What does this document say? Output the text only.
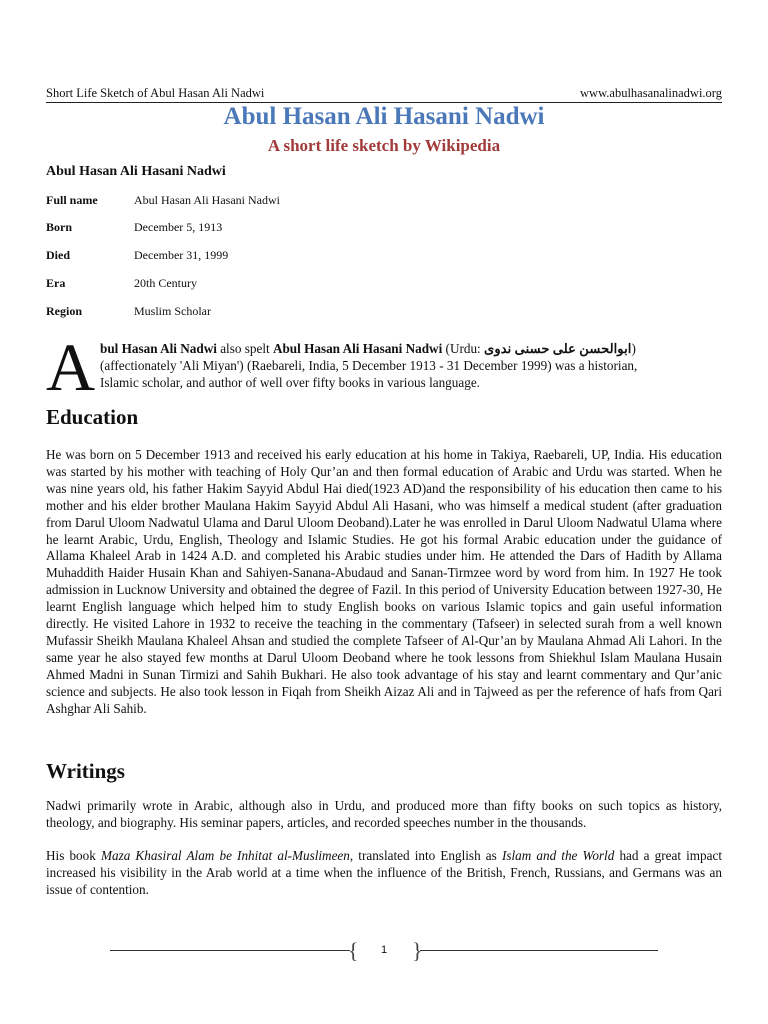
Short Life Sketch of Abul Hasan Ali Nadwi	www.abulhasanalinadwi.org
Abul Hasan Ali Hasani Nadwi
A short life sketch by Wikipedia
Abul Hasan Ali Hasani Nadwi
Full name	Abul Hasan Ali Hasani Nadwi
Born	December 5, 1913
Died	December 31, 1999
Era	20th Century
Region	Muslim Scholar
A bul Hasan Ali Nadwi also spelt Abul Hasan Ali Hasani Nadwi (Urdu: ابوالحسن علی حسنی ندوی)
(affectionately 'Ali Miyan') (Raebareli, India, 5 December 1913 - 31 December 1999) was a historian,
Islamic scholar, and author of well over fifty books in various language.
Education

He was born on 5 December 1913 and received his early education at his home in Takiya, Raebareli, UP, India. His education was started by his mother with teaching of Holy Qur’an and then formal education of Arabic and Urdu was started. When he was nine years old, his father Hakim Sayyid Abdul Hai died(1923 AD)and the responsibility of his education then came to his mother and his elder brother Maulana Hakim Sayyid Abdul Ali Hasani, who was himself a medical student (after graduation from Darul Uloom Nadwatul Ulama and Darul Uloom Deoband).Later he was enrolled in Darul Uloom Nadwatul Ulama where he learnt Arabic, Urdu, English, Theology and Islamic Studies. He got his formal Arabic education under the guidance of Allama Khaleel Arab in 1424 A.D. and completed his Arabic studies under him. He attended the Dars of Hadith by Allama Muhaddith Haider Husain Khan and Sahiyen-Sanana-Abudaud and Sanan-Tirmzee word by word from him. In 1927 He took admission in Lucknow University and obtained the degree of Fazil. In this period of University Education between 1927-30, He learnt English language which helped him to study English books on various Islamic topics and gain useful information directly. He visited Lahore in 1932 to receive the teaching in the commentary (Tafseer) in selected surah from a well known Mufassir Sheikh Maulana Khaleel Ahsan and studied the complete Tafseer of Al-Qur’an by Maulana Ahmad Ali Lahori. In the same year he also stayed few months at Darul Uloom Deoband where he took lessons from Shiekhul Islam Maulana Husain Ahmed Madni in Sunan Tirmizi and Sahih Bukhari. He also took advantage of his stay and learnt commentary and Qur’anic science and subjects. He also took lesson in Fiqah from Sheikh Aizaz Ali and in Tajweed as per the reference of hafs from Qari Ashghar Ali Sahib.

Writings

Nadwi primarily wrote in Arabic, although also in Urdu, and produced more than fifty books on such topics as history, theology, and biography. His seminar papers, articles, and recorded speeches number in the thousands.

His book Maza Khasiral Alam be Inhitat al-Muslimeen, translated into English as Islam and the World had a great impact increased his visibility in the Arab world at a time when the influence of the British, French, Russians, and Germans was an issue of contention.

{	1	}
